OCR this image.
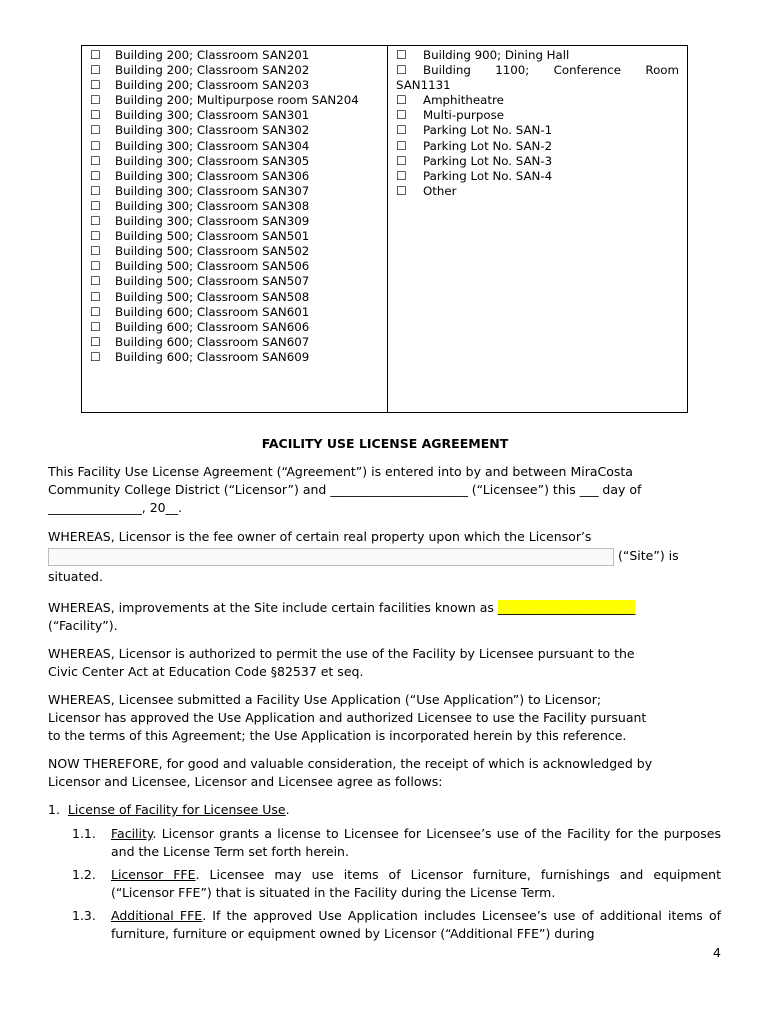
☐	Building 200; Classroom SAN201
☐	Building 200; Classroom SAN202
☐	Building 200; Classroom SAN203
☐	Building 200; Multipurpose room SAN204
☐	Building 300; Classroom SAN301
☐	Building 300; Classroom SAN302
☐	Building 300; Classroom SAN304
☐	Building 300; Classroom SAN305
☐	Building 300; Classroom SAN306
☐	Building 300; Classroom SAN307
☐	Building 300; Classroom SAN308
☐	Building 300; Classroom SAN309
☐	Building 500; Classroom SAN501
☐	Building 500; Classroom SAN502
☐	Building 500; Classroom SAN506
☐	Building 500; Classroom SAN507
☐	Building 500; Classroom SAN508
☐	Building 600; Classroom SAN601
☐	Building 600; Classroom SAN606
☐	Building 600; Classroom SAN607
☐	Building 600; Classroom SAN609
☐	Building 900; Dining Hall
☐	Building 1100; Conference Room
SAN1131
☐	Amphitheatre
☐	Multi-purpose
☐	Parking Lot No. SAN-1
☐	Parking Lot No. SAN-2
☐	Parking Lot No. SAN-3
☐	Parking Lot No. SAN-4
☐	Other
FACILITY USE LICENSE AGREEMENT
This Facility Use License Agreement (“Agreement”) is entered into by and between MiraCosta
Community College District (“Licensor”) and ______________________ (“Licensee”) this ___ day of
_______________, 20__.
WHEREAS, Licensor is the fee owner of certain real property upon which the Licensor’s
(“Site”) is
situated.
WHEREAS, improvements at the Site include certain facilities known as ______________________
(“Facility”).
WHEREAS, Licensor is authorized to permit the use of the Facility by Licensee pursuant to the
Civic Center Act at Education Code §82537 et seq.
WHEREAS, Licensee submitted a Facility Use Application (“Use Application”) to Licensor;
Licensor has approved the Use Application and authorized Licensee to use the Facility pursuant
to the terms of this Agreement; the Use Application is incorporated herein by this reference.
NOW THEREFORE, for good and valuable consideration, the receipt of which is acknowledged by
Licensor and Licensee, Licensor and Licensee agree as follows:
1. License of Facility for Licensee Use.
1.1. Facility. Licensor grants a license to Licensee for Licensee’s use of the Facility for the purposes and the License Term set forth herein.
1.2. Licensor FFE. Licensee may use items of Licensor furniture, furnishings and equipment (“Licensor FFE”) that is situated in the Facility during the License Term.
1.3. Additional FFE. If the approved Use Application includes Licensee’s use of additional items of furniture, furniture or equipment owned by Licensor (“Additional FFE”) during
4
